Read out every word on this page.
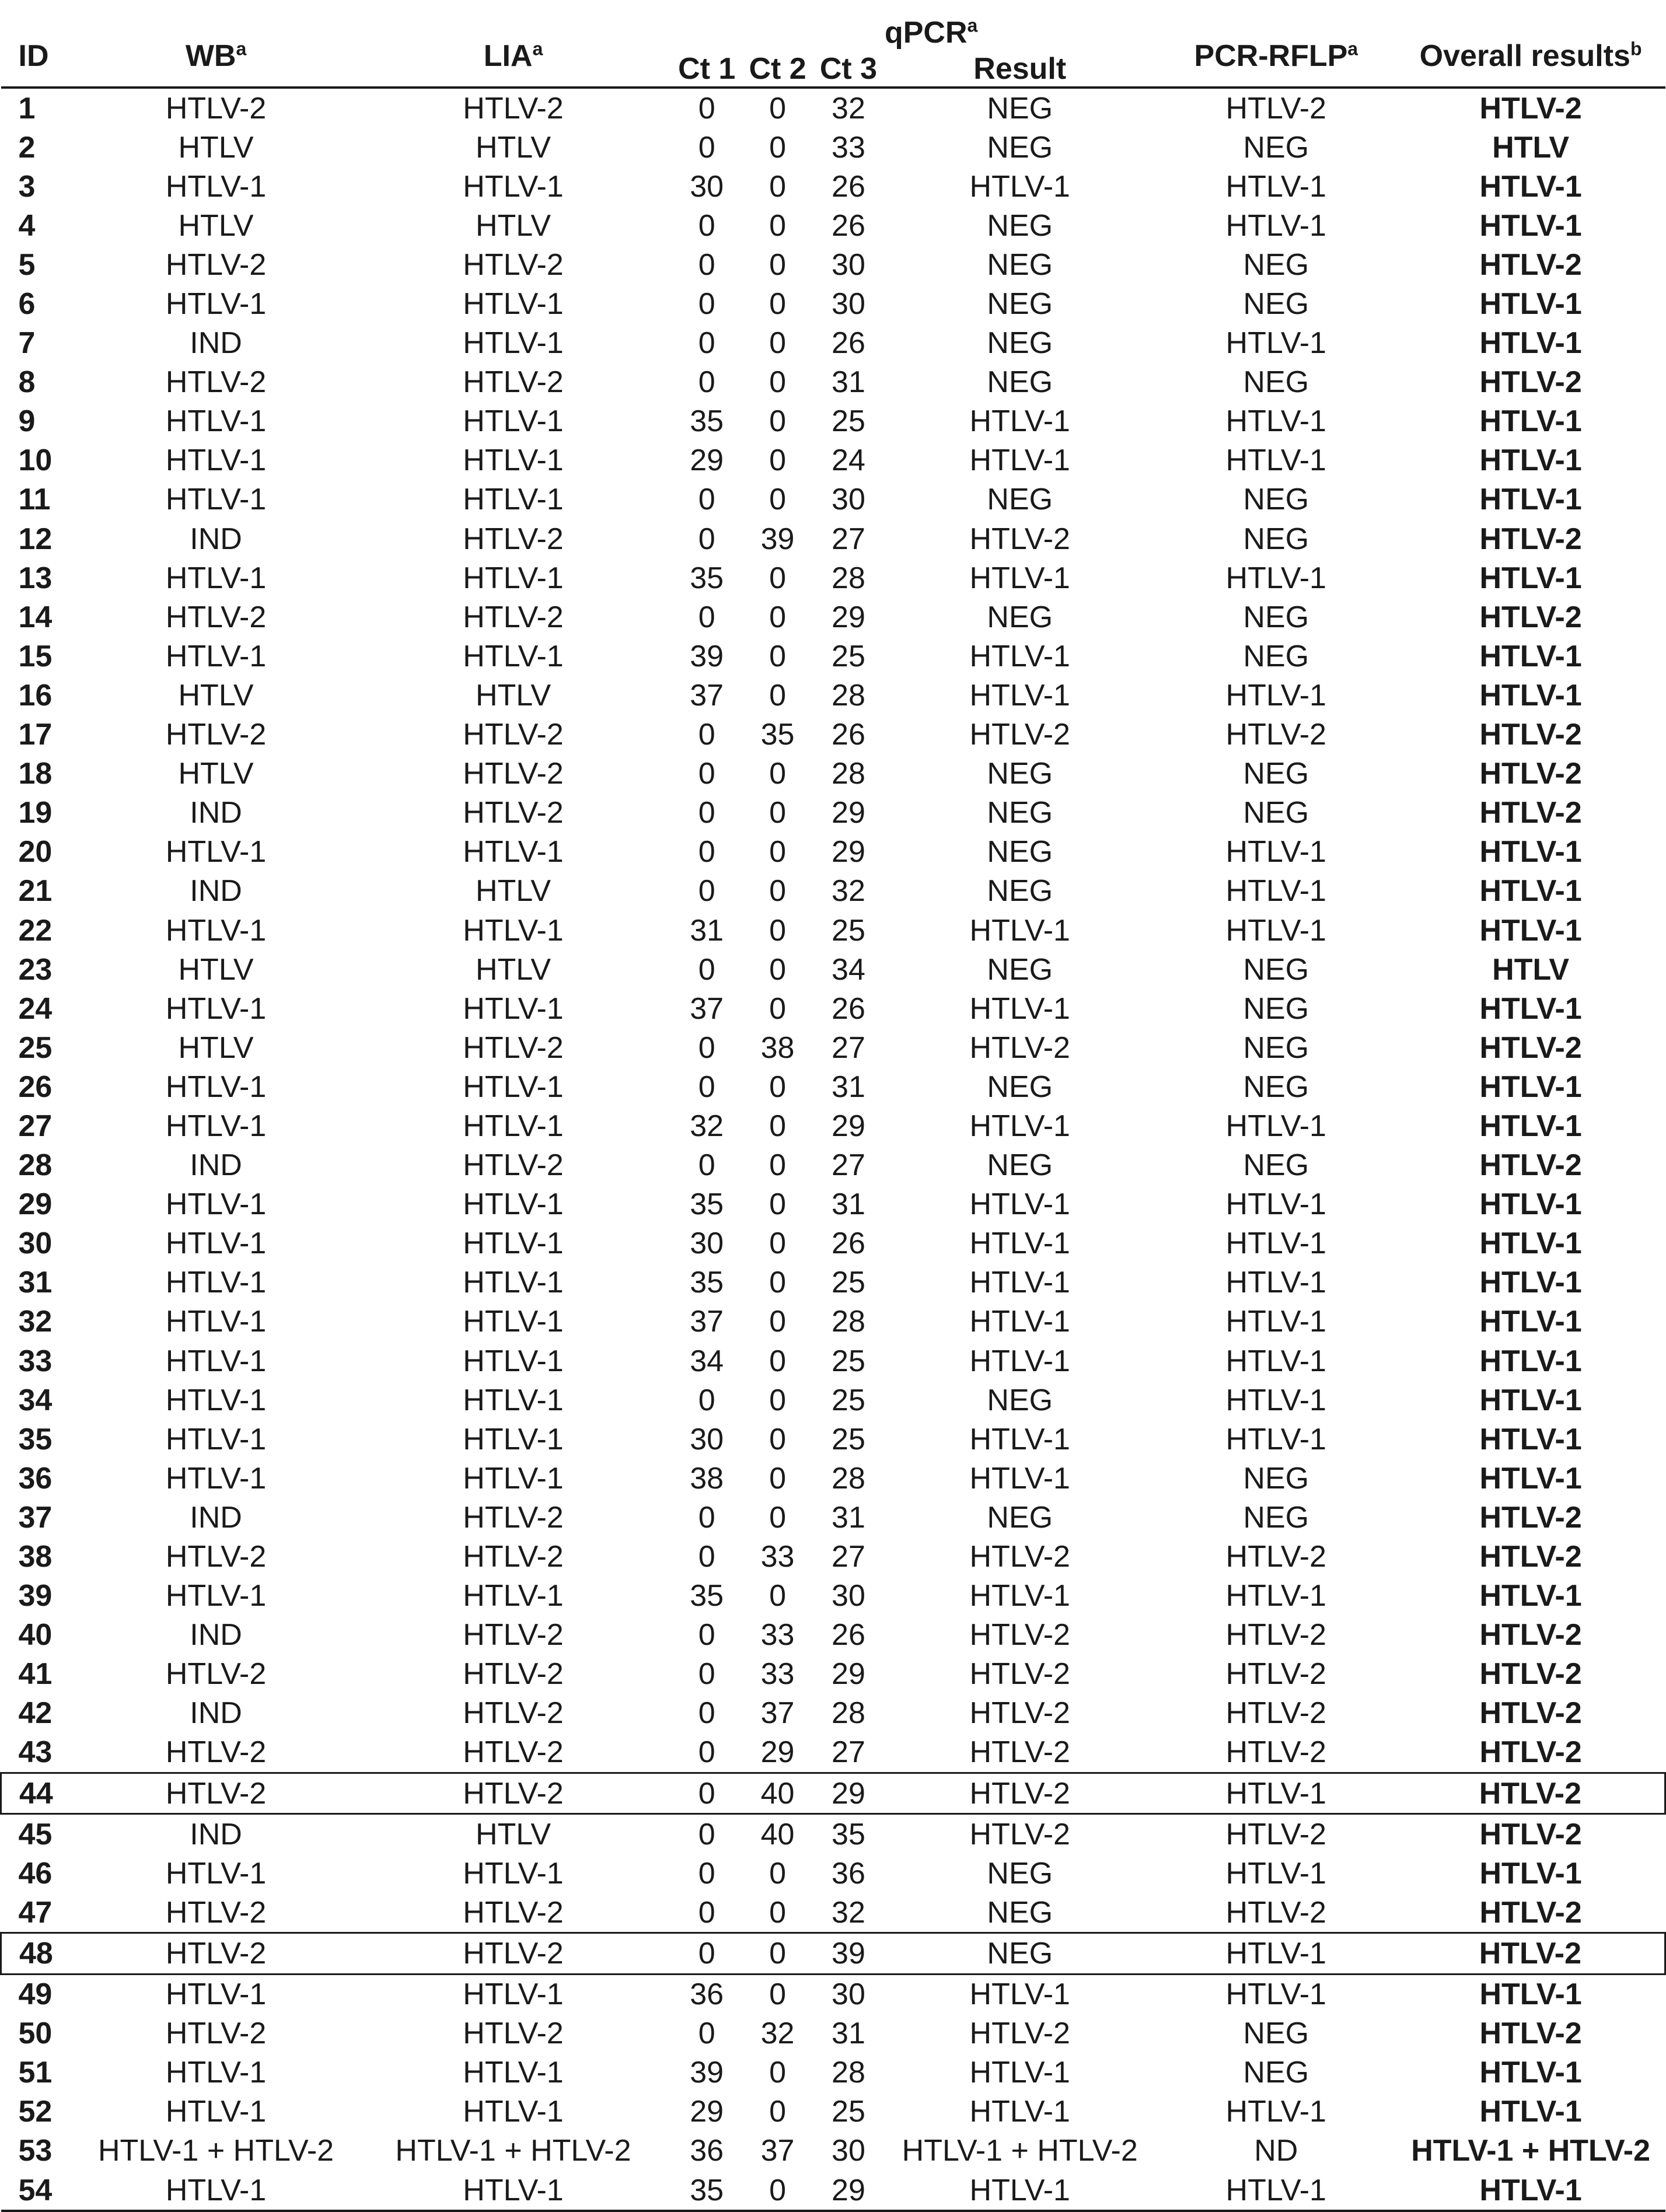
ID	$WB^a$	LIA$^a$	qPCR$^a$				PCR-RFLP$^a$	Overall results$^b$
			Ct 1	Ct 2	Ct 3	Result		
1	HTLV-2	HTLV-2	0	0	32	NEG	HTLV-2	HTLV-2
2	HTLV	HTLV	0	0	33	NEG	NEG	HTLV
3	HTLV-1	HTLV-1	30	0	26	HTLV-1	HTLV-1	HTLV-1
4	HTLV	HTLV	0	0	26	NEG	HTLV-1	HTLV-1
5	HTLV-2	HTLV-2	0	0	30	NEG	NEG	HTLV-2
6	HTLV-1	HTLV-1	0	0	30	NEG	NEG	HTLV-1
7	IND	HTLV-1	0	0	26	NEG	HTLV-1	HTLV-1
8	HTLV-2	HTLV-2	0	0	31	NEG	NEG	HTLV-2
9	HTLV-1	HTLV-1	35	0	25	HTLV-1	HTLV-1	HTLV-1
10	HTLV-1	HTLV-1	29	0	24	HTLV-1	HTLV-1	HTLV-1
11	HTLV-1	HTLV-1	0	0	30	NEG	NEG	HTLV-1
12	IND	HTLV-2	0	39	27	HTLV-2	NEG	HTLV-2
13	HTLV-1	HTLV-1	35	0	28	HTLV-1	HTLV-1	HTLV-1
14	HTLV-2	HTLV-2	0	0	29	NEG	NEG	HTLV-2
15	HTLV-1	HTLV-1	39	0	25	HTLV-1	NEG	HTLV-1
16	HTLV	HTLV	37	0	28	HTLV-1	HTLV-1	HTLV-1
17	HTLV-2	HTLV-2	0	35	26	HTLV-2	HTLV-2	HTLV-2
18	HTLV	HTLV-2	0	0	28	NEG	NEG	HTLV-2
19	IND	HTLV-2	0	0	29	NEG	NEG	HTLV-2
20	HTLV-1	HTLV-1	0	0	29	NEG	HTLV-1	HTLV-1
21	IND	HTLV	0	0	32	NEG	HTLV-1	HTLV-1
22	HTLV-1	HTLV-1	31	0	25	HTLV-1	HTLV-1	HTLV-1
23	HTLV	HTLV	0	0	34	NEG	NEG	HTLV
24	HTLV-1	HTLV-1	37	0	26	HTLV-1	NEG	HTLV-1
25	HTLV	HTLV-2	0	38	27	HTLV-2	NEG	HTLV-2
26	HTLV-1	HTLV-1	0	0	31	NEG	NEG	HTLV-1
27	HTLV-1	HTLV-1	32	0	29	HTLV-1	HTLV-1	HTLV-1
28	IND	HTLV-2	0	0	27	NEG	NEG	HTLV-2
29	HTLV-1	HTLV-1	35	0	31	HTLV-1	HTLV-1	HTLV-1
30	HTLV-1	HTLV-1	30	0	26	HTLV-1	HTLV-1	HTLV-1
31	HTLV-1	HTLV-1	35	0	25	HTLV-1	HTLV-1	HTLV-1
32	HTLV-1	HTLV-1	37	0	28	HTLV-1	HTLV-1	HTLV-1
33	HTLV-1	HTLV-1	34	0	25	HTLV-1	HTLV-1	HTLV-1
34	HTLV-1	HTLV-1	0	0	25	NEG	HTLV-1	HTLV-1
35	HTLV-1	HTLV-1	30	0	25	HTLV-1	HTLV-1	HTLV-1
36	HTLV-1	HTLV-1	38	0	28	HTLV-1	NEG	HTLV-1
37	IND	HTLV-2	0	0	31	NEG	NEG	HTLV-2
38	HTLV-2	HTLV-2	0	33	27	HTLV-2	HTLV-2	HTLV-2
39	HTLV-1	HTLV-1	35	0	30	HTLV-1	HTLV-1	HTLV-1
40	IND	HTLV-2	0	33	26	HTLV-2	HTLV-2	HTLV-2
41	HTLV-2	HTLV-2	0	33	29	HTLV-2	HTLV-2	HTLV-2
42	IND	HTLV-2	0	37	28	HTLV-2	HTLV-2	HTLV-2
43	HTLV-2	HTLV-2	0	29	27	HTLV-2	HTLV-2	HTLV-2
44	HTLV-2	HTLV-2	0	40	29	HTLV-2	HTLV-1	HTLV-2
45	IND	HTLV	0	40	35	HTLV-2	HTLV-2	HTLV-2
46	HTLV-1	HTLV-1	0	0	36	NEG	HTLV-1	HTLV-1
47	HTLV-2	HTLV-2	0	0	32	NEG	HTLV-2	HTLV-2
48	HTLV-2	HTLV-2	0	0	39	NEG	HTLV-1	HTLV-2
49	HTLV-1	HTLV-1	36	0	30	HTLV-1	HTLV-1	HTLV-1
50	HTLV-2	HTLV-2	0	32	31	HTLV-2	NEG	HTLV-2
51	HTLV-1	HTLV-1	39	0	28	HTLV-1	NEG	HTLV-1
52	HTLV-1	HTLV-1	29	0	25	HTLV-1	HTLV-1	HTLV-1
53	HTLV-1 + HTLV-2	HTLV-1 + HTLV-2	36	37	30	HTLV-1 + HTLV-2	ND	HTLV-1 + HTLV-2
54	HTLV-1	HTLV-1	35	0	29	HTLV-1	HTLV-1	HTLV-1
